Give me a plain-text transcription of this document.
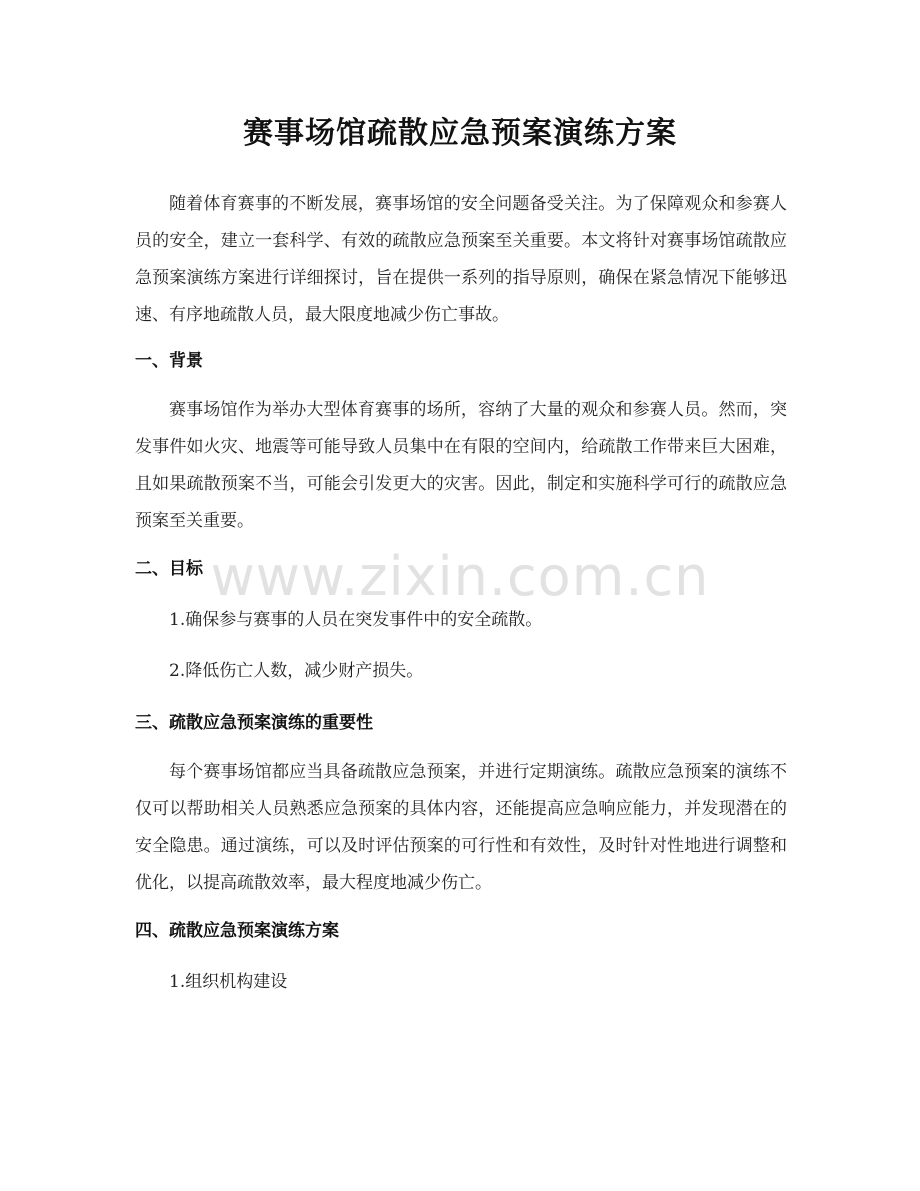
赛事场馆疏散应急预案演练方案

随着体育赛事的不断发展，赛事场馆的安全问题备受关注。为了保障观众和参赛人员的安全，建立一套科学、有效的疏散应急预案至关重要。本文将针对赛事场馆疏散应急预案演练方案进行详细探讨，旨在提供一系列的指导原则，确保在紧急情况下能够迅速、有序地疏散人员，最大限度地减少伤亡事故。

一、背景

赛事场馆作为举办大型体育赛事的场所，容纳了大量的观众和参赛人员。然而，突发事件如火灾、地震等可能导致人员集中在有限的空间内，给疏散工作带来巨大困难，且如果疏散预案不当，可能会引发更大的灾害。因此，制定和实施科学可行的疏散应急预案至关重要。

二、目标

1.确保参与赛事的人员在突发事件中的安全疏散。

2.降低伤亡人数，减少财产损失。

三、疏散应急预案演练的重要性

每个赛事场馆都应当具备疏散应急预案，并进行定期演练。疏散应急预案的演练不仅可以帮助相关人员熟悉应急预案的具体内容，还能提高应急响应能力，并发现潜在的安全隐患。通过演练，可以及时评估预案的可行性和有效性，及时针对性地进行调整和优化，以提高疏散效率，最大程度地减少伤亡。

四、疏散应急预案演练方案

1.组织机构建设

www.zixin.com.cn
